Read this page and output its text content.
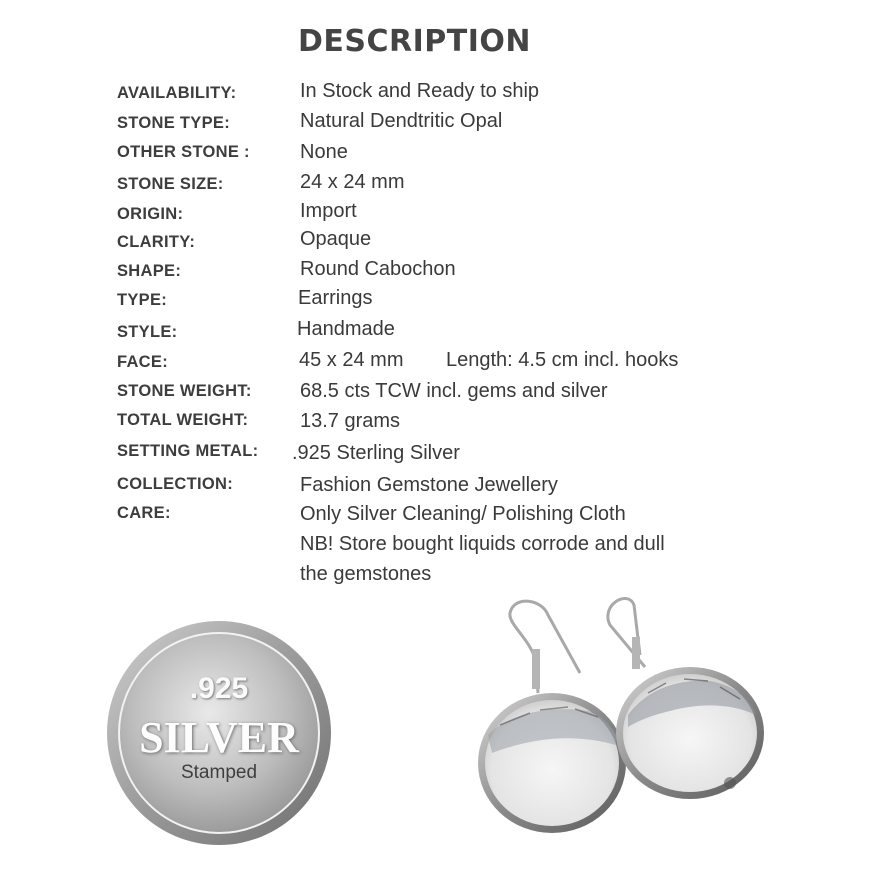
DESCRIPTION
AVAILABILITY:	In Stock and Ready to ship
STONE TYPE:	Natural Dendtritic Opal
OTHER STONE :	None
STONE SIZE:	24 x 24 mm
ORIGIN:	Import
CLARITY:	Opaque
SHAPE:	Round Cabochon
TYPE:	Earrings
STYLE:	Handmade
FACE:	45 x 24 mm Length: 4.5 cm incl. hooks
STONE WEIGHT: 68.5 cts TCW incl. gems and silver
TOTAL WEIGHT:	13.7 grams
SETTING METAL: .925 Sterling Silver
COLLECTION:	Fashion Gemstone Jewellery
CARE:	Only Silver Cleaning/ Polishing Cloth
NB! Store bought liquids corrode and dull
the gemstones
.925
SILVER
Stamped
